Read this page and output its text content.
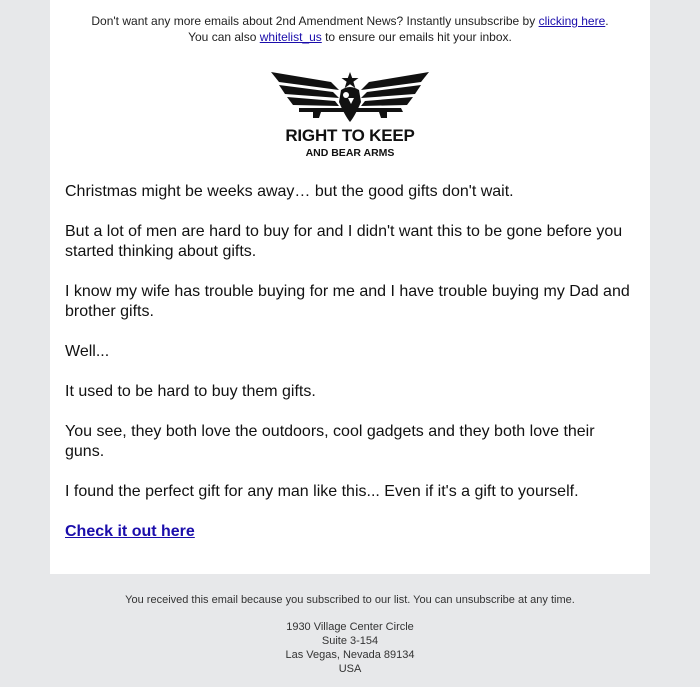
Don't want any more emails about 2nd Amendment News? Instantly unsubscribe by clicking here.
You can also whitelist_us to ensure our emails hit your inbox.
RIGHT TO KEEP
AND BEAR ARMS

Christmas might be weeks away… but the good gifts don't wait.

But a lot of men are hard to buy for and I didn't want this to be gone before you started thinking about gifts.

I know my wife has trouble buying for me and I have trouble buying my Dad and brother gifts.

Well...

It used to be hard to buy them gifts.

You see, they both love the outdoors, cool gadgets and they both love their guns.

I found the perfect gift for any man like this... Even if it's a gift to yourself.

Check it out here
You received this email because you subscribed to our list. You can unsubscribe at any time.
1930 Village Center Circle
Suite 3-154
Las Vegas, Nevada 89134
USA
